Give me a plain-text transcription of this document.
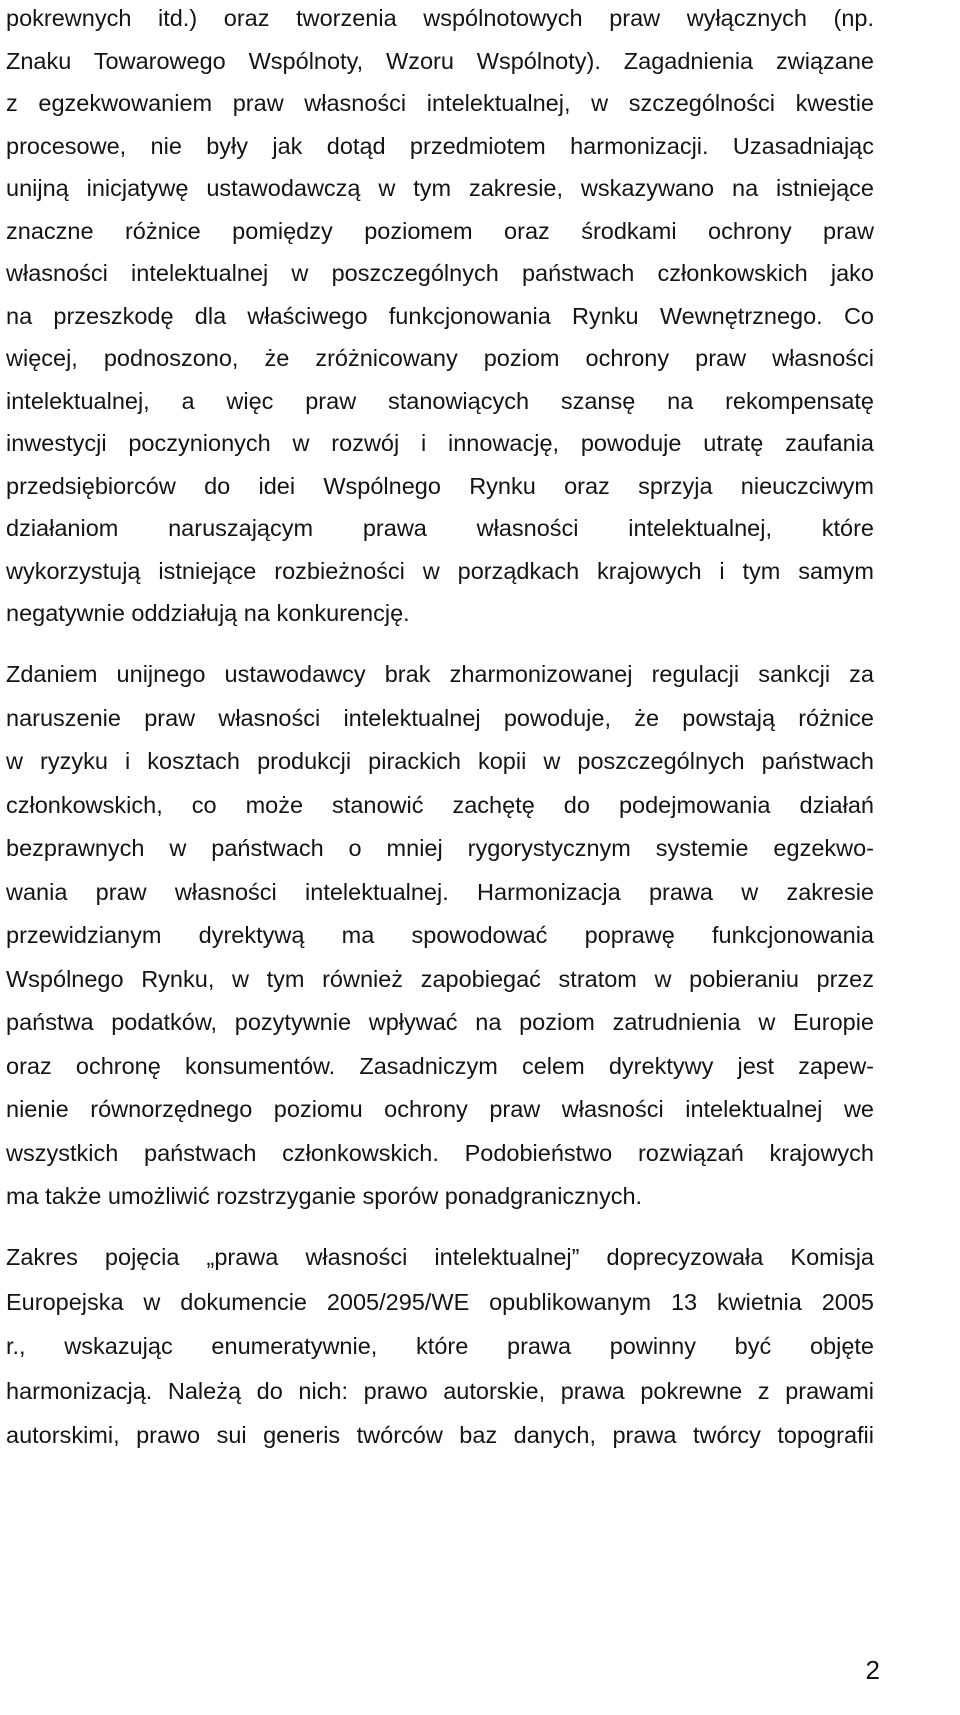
pokrewnych itd.) oraz tworzenia wspólnotowych praw wyłącznych (np.
Znaku Towarowego Wspólnoty, Wzoru Wspólnoty). Zagadnienia związane
z egzekwowaniem praw własności intelektualnej, w szczególności kwestie
procesowe, nie były jak dotąd przedmiotem harmonizacji. Uzasadniając
unijną inicjatywę ustawodawczą w tym zakresie, wskazywano na istniejące
znaczne różnice pomiędzy poziomem oraz środkami ochrony praw
własności intelektualnej w poszczególnych państwach członkowskich jako
na przeszkodę dla właściwego funkcjonowania Rynku Wewnętrznego. Co
więcej, podnoszono, że zróżnicowany poziom ochrony praw własności
intelektualnej, a więc praw stanowiących szansę na rekompensatę
inwestycji poczynionych w rozwój i innowację, powoduje utratę zaufania
przedsiębiorców do idei Wspólnego Rynku oraz sprzyja nieuczciwym
działaniom naruszającym prawa własności intelektualnej, które
wykorzystują istniejące rozbieżności w porządkach krajowych i tym samym
negatywnie oddziałują na konkurencję.
Zdaniem unijnego ustawodawcy brak zharmonizowanej regulacji sankcji za
naruszenie praw własności intelektualnej powoduje, że powstają różnice
w ryzyku i kosztach produkcji pirackich kopii w poszczególnych państwach
członkowskich, co może stanowić zachętę do podejmowania działań
bezprawnych w państwach o mniej rygorystycznym systemie egzekwo-
wania praw własności intelektualnej. Harmonizacja prawa w zakresie
przewidzianym dyrektywą ma spowodować poprawę funkcjonowania
Wspólnego Rynku, w tym również zapobiegać stratom w pobieraniu przez
państwa podatków, pozytywnie wpływać na poziom zatrudnienia w Europie
oraz ochronę konsumentów. Zasadniczym celem dyrektywy jest zapew-
nienie równorzędnego poziomu ochrony praw własności intelektualnej we
wszystkich państwach członkowskich. Podobieństwo rozwiązań krajowych
ma także umożliwić rozstrzyganie sporów ponadgranicznych.
Zakres pojęcia „prawa własności intelektualnej” doprecyzowała Komisja
Europejska w dokumencie 2005/295/WE opublikowanym 13 kwietnia 2005
r., wskazując enumeratywnie, które prawa powinny być objęte
harmonizacją. Należą do nich: prawo autorskie, prawa pokrewne z prawami
autorskimi, prawo sui generis twórców baz danych, prawa twórcy topografii
2
